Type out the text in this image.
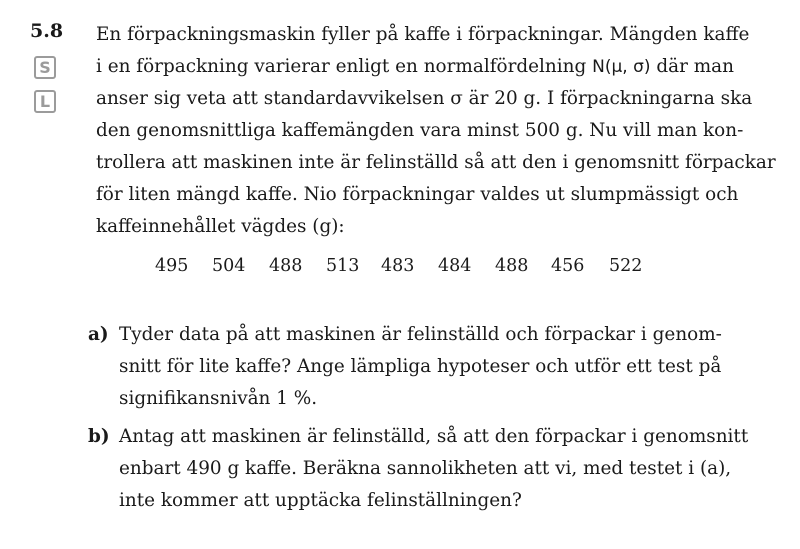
5.8
S
L
En förpackningsmaskin fyller på kaffe i förpackningar. Mängden kaffe
i en förpackning varierar enligt en normalfördelning N(μ, σ) där man
anser sig veta att standardavvikelsen σ är 20 g. I förpackningarna ska
den genomsnittliga kaffemängden vara minst 500 g. Nu vill man kon-
trollera att maskinen inte är felinställd så att den i genomsnitt förpackar
för liten mängd kaffe. Nio förpackningar valdes ut slumpmässigt och
kaffeinnehållet vägdes (g):
495 504 488 513 483 484 488 456 522
a) Tyder data på att maskinen är felinställd och förpackar i genom-
snitt för lite kaffe? Ange lämpliga hypoteser och utför ett test på
signifikansnivån 1 %.
b) Antag att maskinen är felinställd, så att den förpackar i genomsnitt
enbart 490 g kaffe. Beräkna sannolikheten att vi, med testet i (a),
inte kommer att upptäcka felinställningen?
